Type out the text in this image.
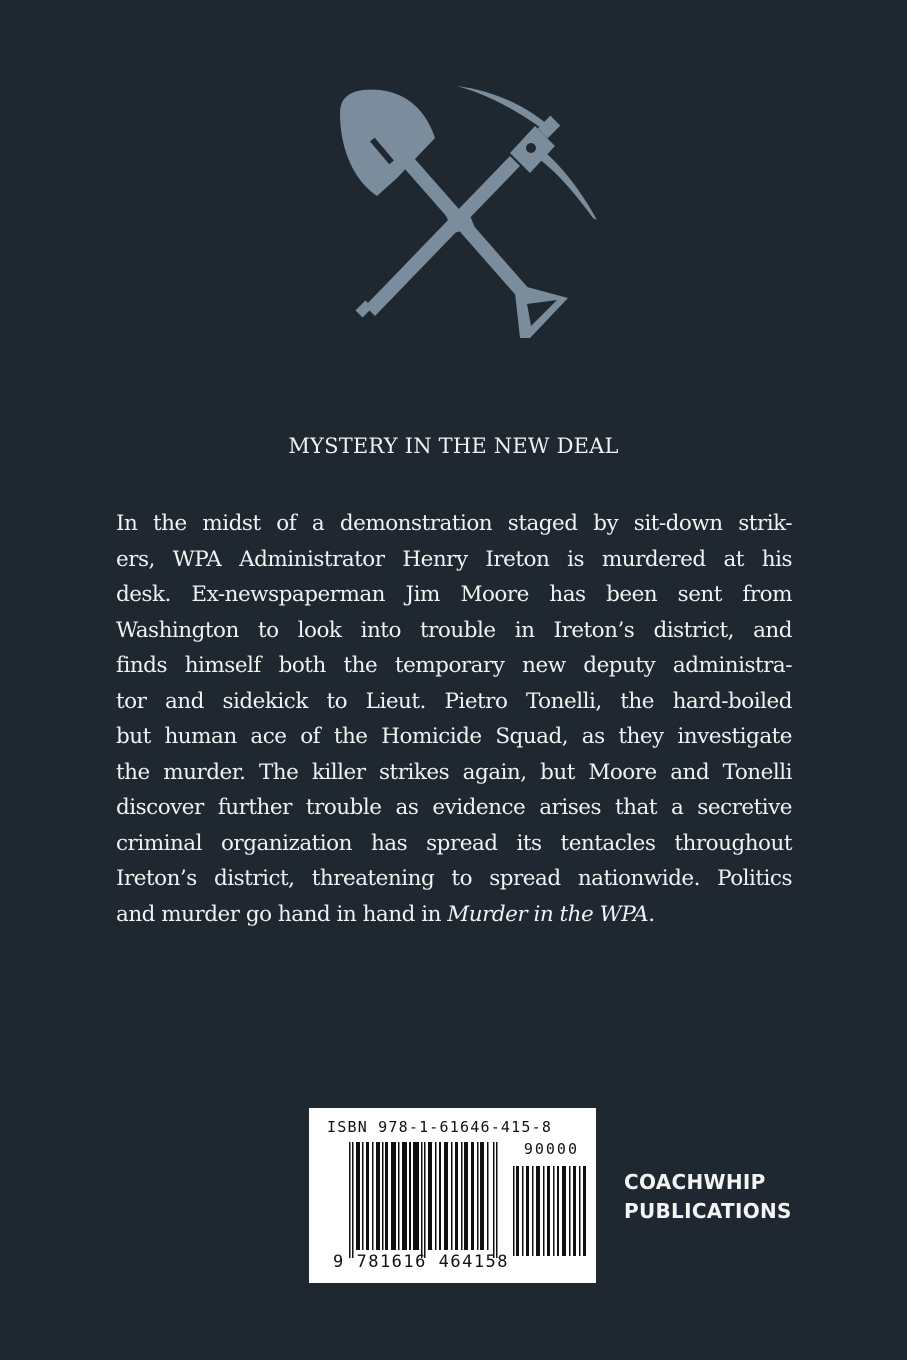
MYSTERY IN THE NEW DEAL
In the midst of a demonstration staged by sit-down strik-
ers, WPA Administrator Henry Ireton is murdered at his
desk. Ex-newspaperman Jim Moore has been sent from
Washington to look into trouble in Ireton’s district, and
finds himself both the temporary new deputy administra-
tor and sidekick to Lieut. Pietro Tonelli, the hard-boiled
but human ace of the Homicide Squad, as they investigate
the murder. The killer strikes again, but Moore and Tonelli
discover further trouble as evidence arises that a secretive
criminal organization has spread its tentacles throughout
Ireton’s district, threatening to spread nationwide. Politics
and murder go hand in hand in Murder in the WPA.
ISBN 978-1-61646-415-8
90000
9 781616 464158
COACHWHIP
PUBLICATIONS
